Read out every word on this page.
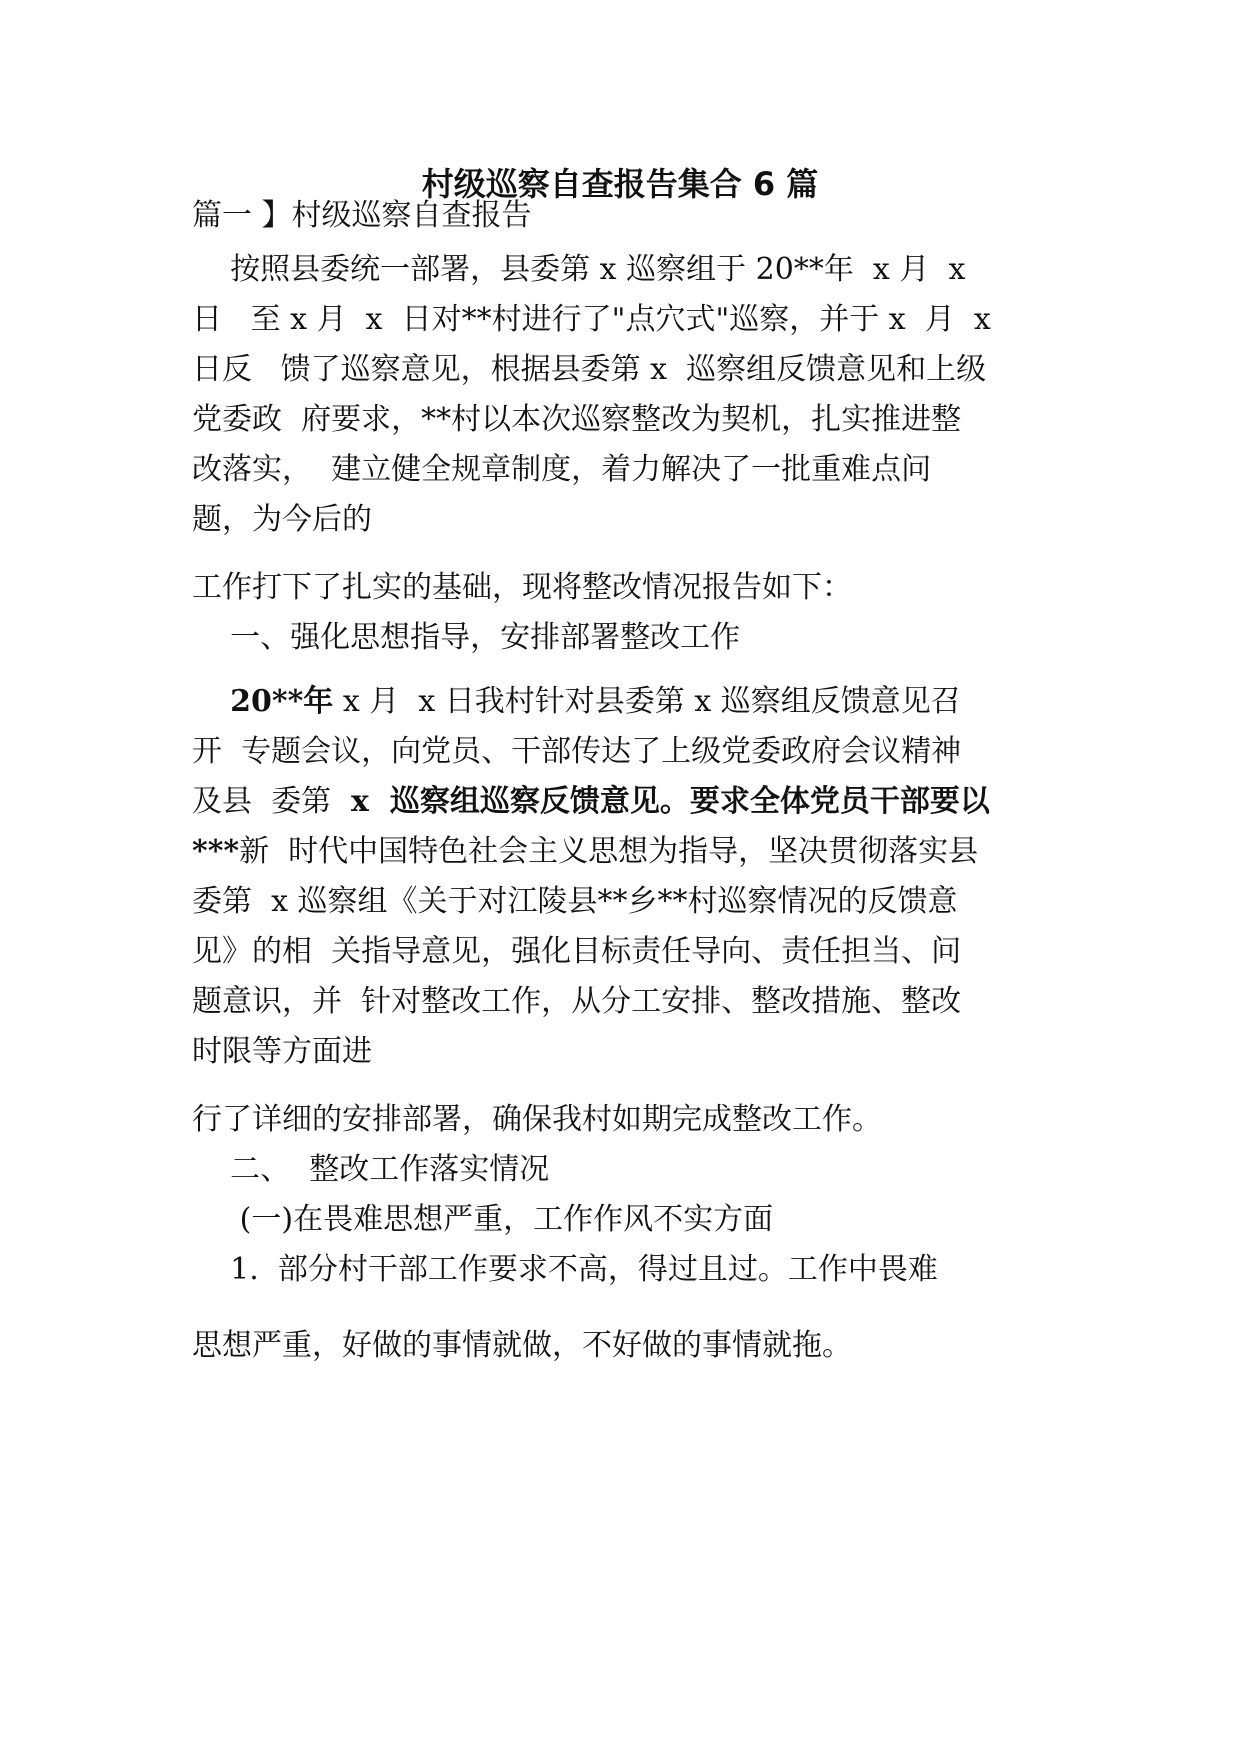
村级巡察自查报告集合 6 篇

篇一 】村级巡察自查报告

按照县委统一部署，县委第 x 巡察组于 20**年  x 月  x

日   至 x 月  x  日对**村进行了"点穴式"巡察，并于 x  月  x

日反   馈了巡察意见，根据县委第 x  巡察组反馈意见和上级

党委政  府要求，**村以本次巡察整改为契机，扎实推进整

改落实，  建立健全规章制度，着力解决了一批重难点问

题，为今后的

工作打下了扎实的基础，现将整改情况报告如下：

一、强化思想指导，安排部署整改工作

20**年 x 月  x 日我村针对县委第 x 巡察组反馈意见召

开  专题会议，向党员、干部传达了上级党委政府会议精神

及县  委第  x  巡察组巡察反馈意见。要求全体党员干部要以

***新  时代中国特色社会主义思想为指导，坚决贯彻落实县

委第  x 巡察组《关于对江陵县**乡**村巡察情况的反馈意

见》的相  关指导意见，强化目标责任导向、责任担当、问

题意识，并  针对整改工作，从分工安排、整改措施、整改

时限等方面进

行了详细的安排部署，确保我村如期完成整改工作。

二、  整改工作落实情况

(一)在畏难思想严重，工作作风不实方面

1.  部分村干部工作要求不高，得过且过。工作中畏难

思想严重，好做的事情就做，不好做的事情就拖。
